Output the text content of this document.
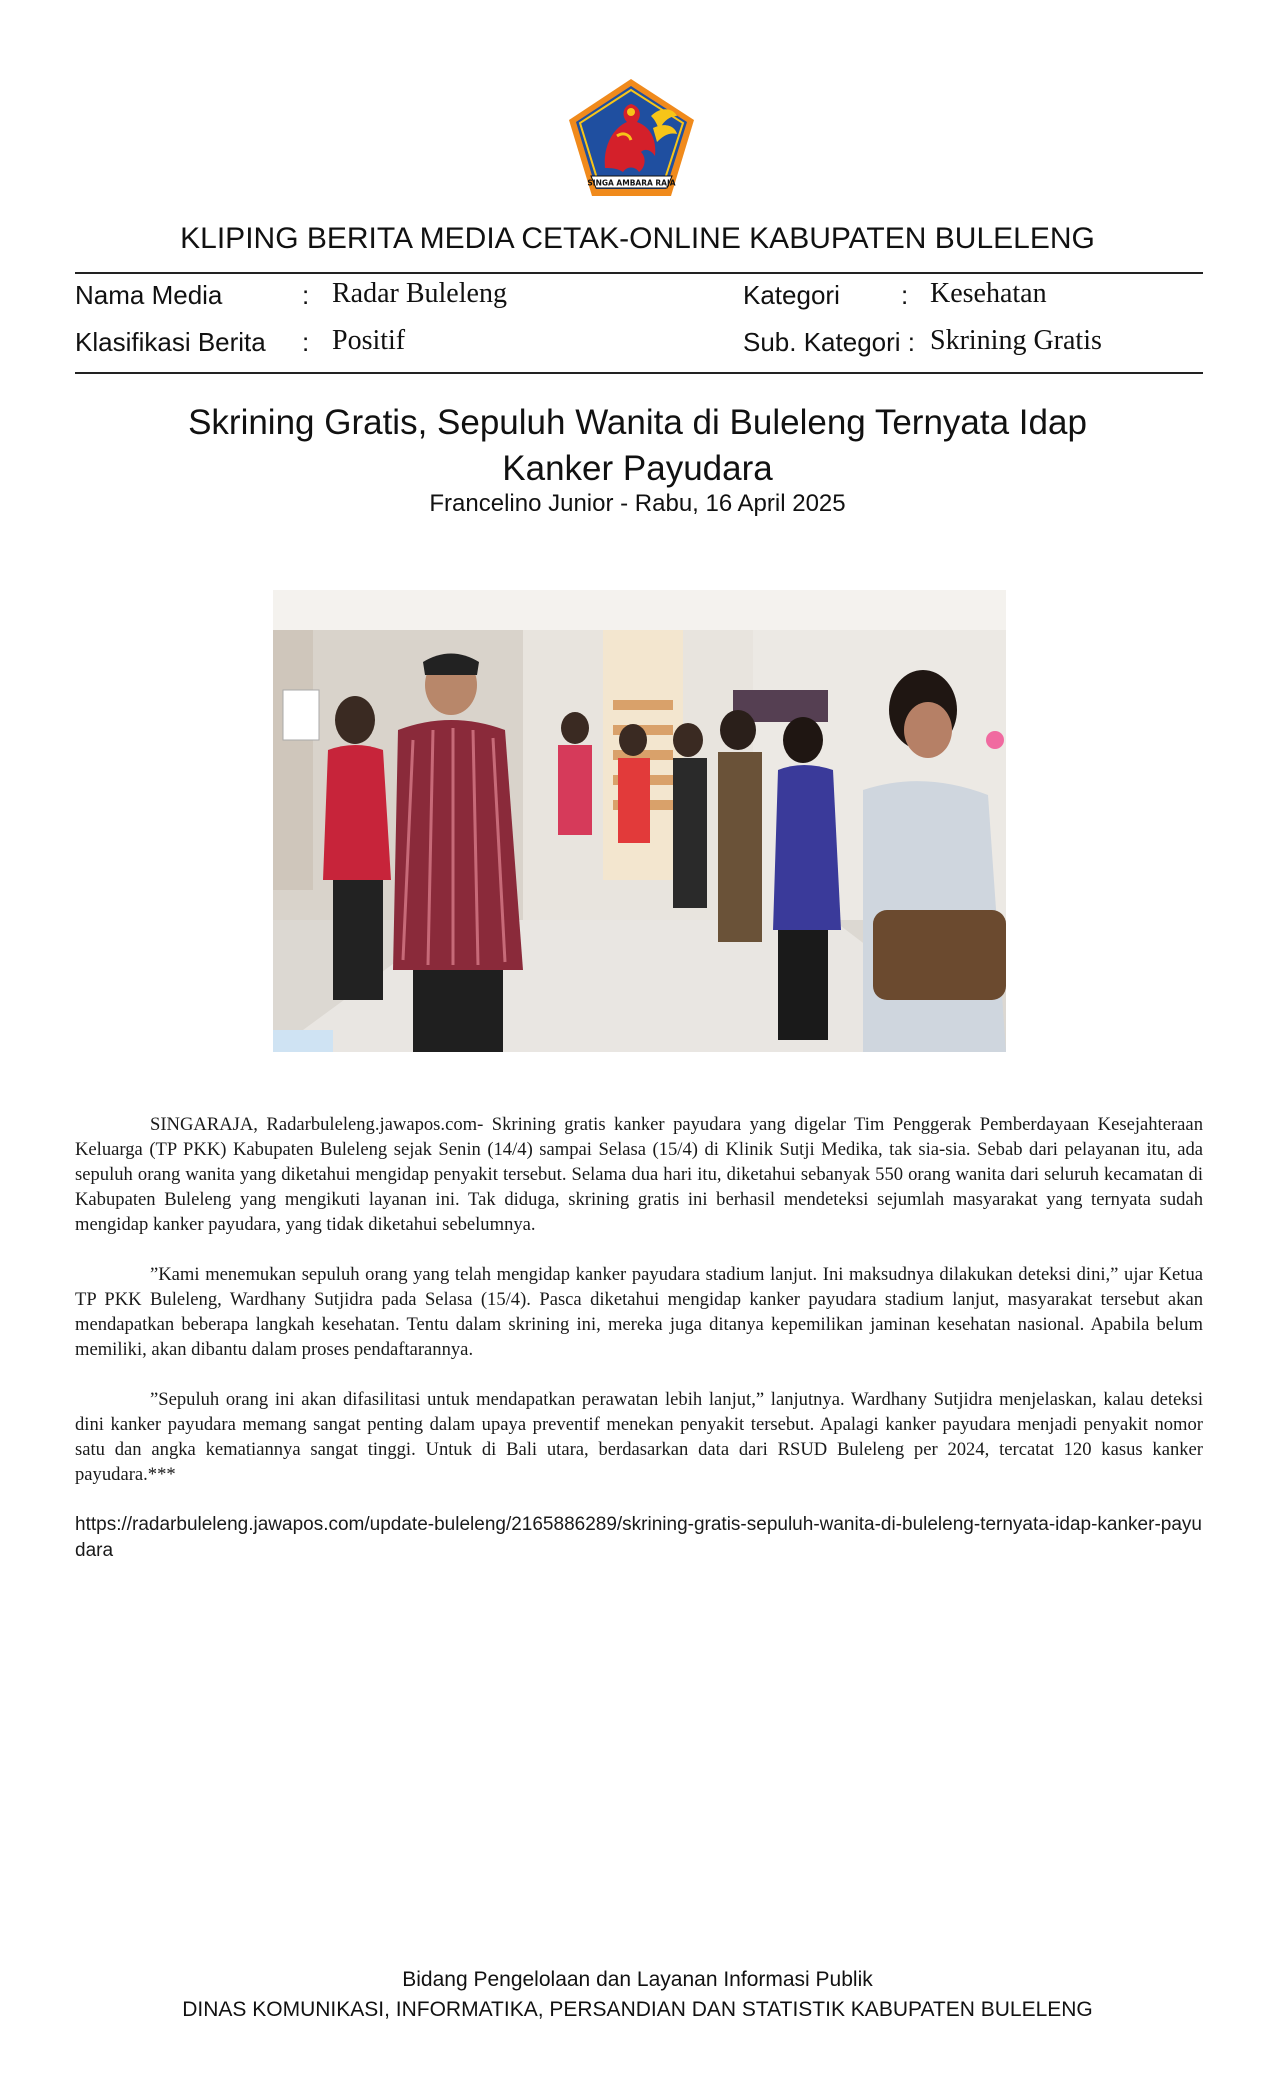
SINGA AMBARA RAJA
KLIPING BERITA MEDIA CETAK-ONLINE KABUPATEN BULELENG
Nama Media	: Radar Buleleng	Kategori : Kesehatan
Klasifikasi Berita : Positif	Sub. Kategori : Skrining Gratis
Skrining Gratis, Sepuluh Wanita di Buleleng Ternyata Idap
Kanker Payudara
Francelino Junior - Rabu, 16 April 2025

SINGARAJA, Radarbuleleng.jawapos.com- Skrining gratis kanker payudara yang digelar Tim Penggerak Pemberdayaan Kesejahteraan Keluarga (TP PKK) Kabupaten Buleleng sejak Senin (14/4) sampai Selasa (15/4) di Klinik Sutji Medika, tak sia-sia. Sebab dari pelayanan itu, ada sepuluh orang wanita yang diketahui mengidap penyakit tersebut. Selama dua hari itu, diketahui sebanyak 550 orang wanita dari seluruh kecamatan di Kabupaten Buleleng yang mengikuti layanan ini. Tak diduga, skrining gratis ini berhasil mendeteksi sejumlah masyarakat yang ternyata sudah mengidap kanker payudara, yang tidak diketahui sebelumnya.

”Kami menemukan sepuluh orang yang telah mengidap kanker payudara stadium lanjut. Ini maksudnya dilakukan deteksi dini,” ujar Ketua TP PKK Buleleng, Wardhany Sutjidra pada Selasa (15/4). Pasca diketahui mengidap kanker payudara stadium lanjut, masyarakat tersebut akan mendapatkan beberapa langkah kesehatan. Tentu dalam skrining ini, mereka juga ditanya kepemilikan jaminan kesehatan nasional. Apabila belum memiliki, akan dibantu dalam proses pendaftarannya.

”Sepuluh orang ini akan difasilitasi untuk mendapatkan perawatan lebih lanjut,” lanjutnya. Wardhany Sutjidra menjelaskan, kalau deteksi dini kanker payudara memang sangat penting dalam upaya preventif menekan penyakit tersebut. Apalagi kanker payudara menjadi penyakit nomor satu dan angka kematiannya sangat tinggi. Untuk di Bali utara, berdasarkan data dari RSUD Buleleng per 2024, tercatat 120 kasus kanker payudara.***

https://radarbuleleng.jawapos.com/update-buleleng/2165886289/skrining-gratis-sepuluh-wanita-di-buleleng-ternyata-idap-kanker-payudara
Bidang Pengelolaan dan Layanan Informasi Publik
DINAS KOMUNIKASI, INFORMATIKA, PERSANDIAN DAN STATISTIK KABUPATEN BULELENG
